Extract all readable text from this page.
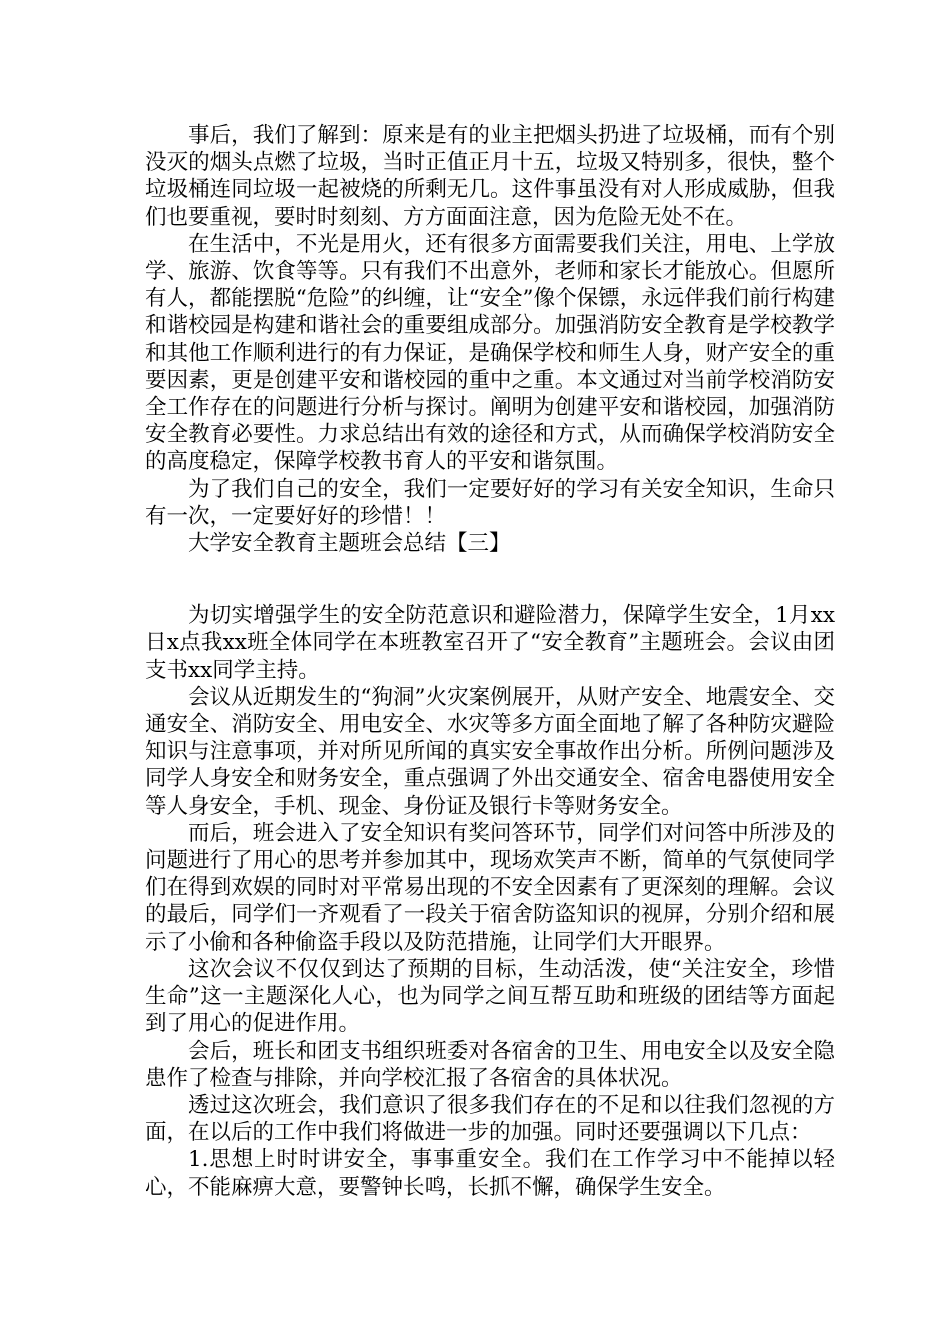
事后，我们了解到：原来是有的业主把烟头扔进了垃圾桶，而有个别没灭的烟头点燃了垃圾，当时正值正月十五，垃圾又特别多，很快，整个垃圾桶连同垃圾一起被烧的所剩无几。这件事虽没有对人形成威胁，但我们也要重视，要时时刻刻、方方面面注意，因为危险无处不在。

在生活中，不光是用火，还有很多方面需要我们关注，用电、上学放学、旅游、饮食等等。只有我们不出意外，老师和家长才能放心。但愿所有人，都能摆脱“危险”的纠缠，让“安全”像个保镖，永远伴我们前行构建和谐校园是构建和谐社会的重要组成部分。加强消防安全教育是学校教学和其他工作顺利进行的有力保证，是确保学校和师生人身，财产安全的重要因素，更是创建平安和谐校园的重中之重。本文通过对当前学校消防安全工作存在的问题进行分析与探讨。阐明为创建平安和谐校园，加强消防安全教育必要性。力求总结出有效的途径和方式，从而确保学校消防安全的高度稳定，保障学校教书育人的平安和谐氛围。

为了我们自己的安全，我们一定要好好的学习有关安全知识，生命只有一次，一定要好好的珍惜！！

大学安全教育主题班会总结【三】

为切实增强学生的安全防范意识和避险潜力，保障学生安全，1月xx日x点我xx班全体同学在本班教室召开了“安全教育”主题班会。会议由团支书xx同学主持。

会议从近期发生的“狗洞”火灾案例展开，从财产安全、地震安全、交通安全、消防安全、用电安全、水灾等多方面全面地了解了各种防灾避险知识与注意事项，并对所见所闻的真实安全事故作出分析。所例问题涉及同学人身安全和财务安全，重点强调了外出交通安全、宿舍电器使用安全等人身安全，手机、现金、身份证及银行卡等财务安全。

而后，班会进入了安全知识有奖问答环节，同学们对问答中所涉及的问题进行了用心的思考并参加其中，现场欢笑声不断，简单的气氛使同学们在得到欢娱的同时对平常易出现的不安全因素有了更深刻的理解。会议的最后，同学们一齐观看了一段关于宿舍防盗知识的视屏，分别介绍和展示了小偷和各种偷盗手段以及防范措施，让同学们大开眼界。

这次会议不仅仅到达了预期的目标，生动活泼，使“关注安全，珍惜生命”这一主题深化人心，也为同学之间互帮互助和班级的团结等方面起到了用心的促进作用。

会后，班长和团支书组织班委对各宿舍的卫生、用电安全以及安全隐患作了检查与排除，并向学校汇报了各宿舍的具体状况。

透过这次班会，我们意识了很多我们存在的不足和以往我们忽视的方面，在以后的工作中我们将做进一步的加强。同时还要强调以下几点：

1.思想上时时讲安全，事事重安全。我们在工作学习中不能掉以轻心，不能麻痹大意，要警钟长鸣，长抓不懈，确保学生安全。
